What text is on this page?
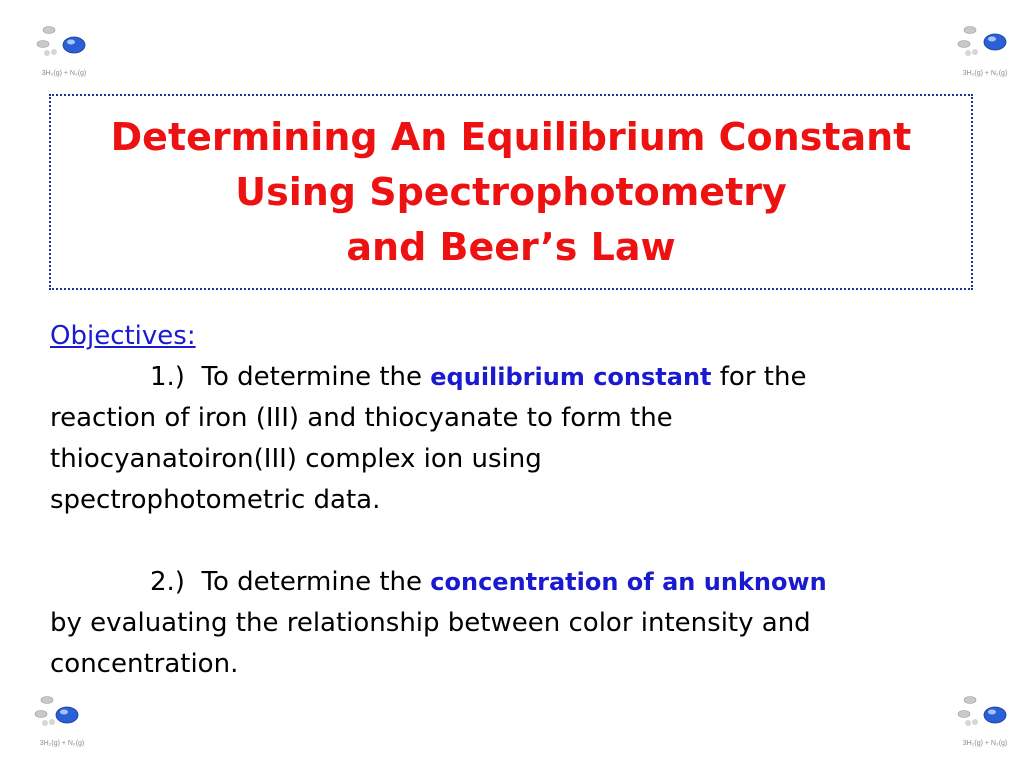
3H₂(g) + N₂(g)	3H₂(g) + N₂(g)
3H₂(g) + N₂(g)	3H₂(g) + N₂(g)
Determining An Equilibrium Constant
Using Spectrophotometry
and Beer’s Law
Objectives:
1.)  To determine the equilibrium constant for the
reaction of iron (III) and thiocyanate to form the
thiocyanatoiron(III) complex ion using
spectrophotometric data.
2.)  To determine the concentration of an unknown
by evaluating the relationship between color intensity and
concentration.
